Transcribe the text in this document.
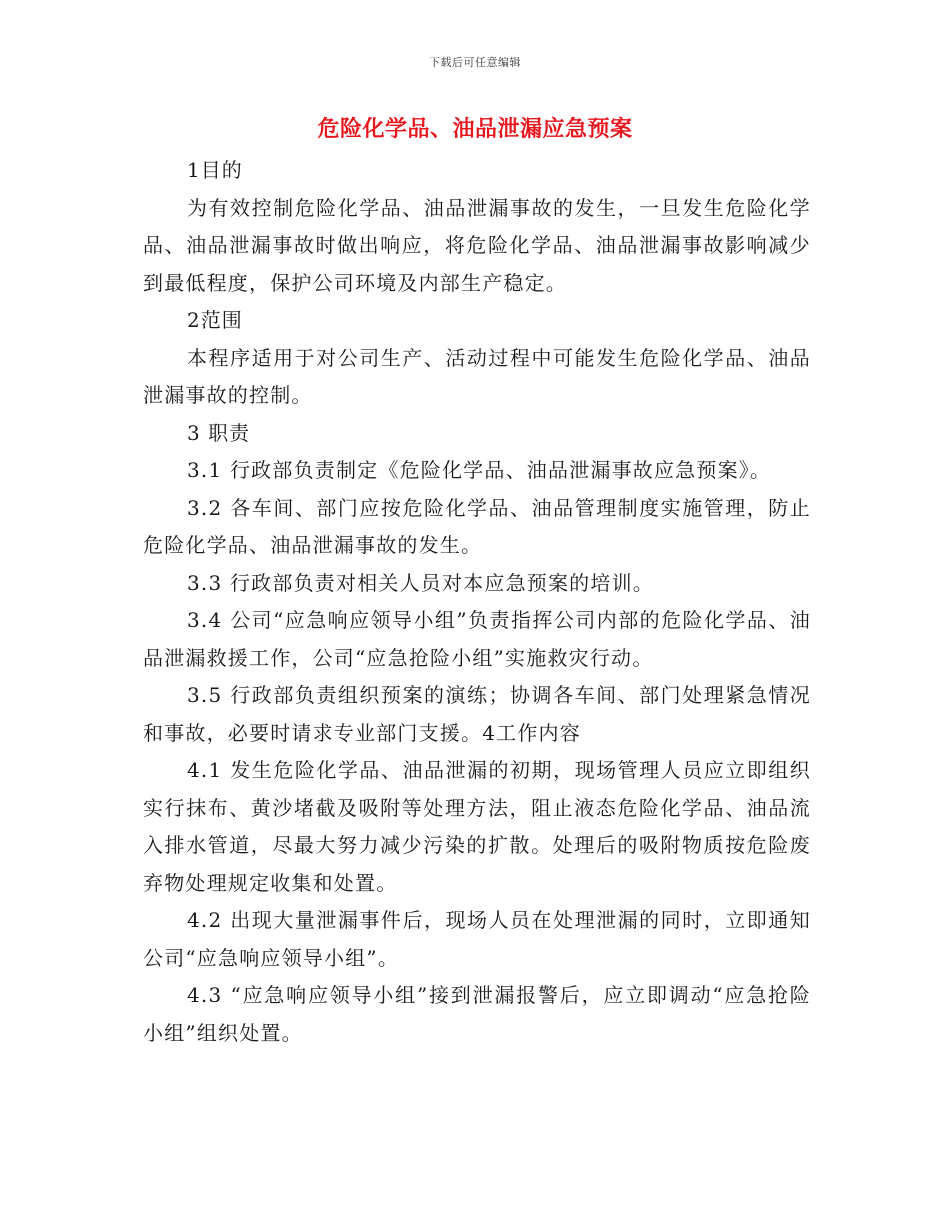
下载后可任意编辑
危险化学品、油品泄漏应急预案

1目的

为有效控制危险化学品、油品泄漏事故的发生，一旦发生危险化学品、油品泄漏事故时做出响应，将危险化学品、油品泄漏事故影响减少到最低程度，保护公司环境及内部生产稳定。

2范围

本程序适用于对公司生产、活动过程中可能发生危险化学品、油品泄漏事故的控制。

3 职责

3.1 行政部负责制定《危险化学品、油品泄漏事故应急预案》。

3.2 各车间、部门应按危险化学品、油品管理制度实施管理，防止危险化学品、油品泄漏事故的发生。

3.3 行政部负责对相关人员对本应急预案的培训。

3.4 公司“应急响应领导小组”负责指挥公司内部的危险化学品、油品泄漏救援工作，公司“应急抢险小组”实施救灾行动。

3.5 行政部负责组织预案的演练；协调各车间、部门处理紧急情况和事故，必要时请求专业部门支援。4工作内容

4.1 发生危险化学品、油品泄漏的初期，现场管理人员应立即组织实行抹布、黄沙堵截及吸附等处理方法，阻止液态危险化学品、油品流入排水管道，尽最大努力减少污染的扩散。处理后的吸附物质按危险废弃物处理规定收集和处置。

4.2 出现大量泄漏事件后，现场人员在处理泄漏的同时，立即通知公司“应急响应领导小组”。

4.3 “应急响应领导小组”接到泄漏报警后，应立即调动“应急抢险小组”组织处置。
